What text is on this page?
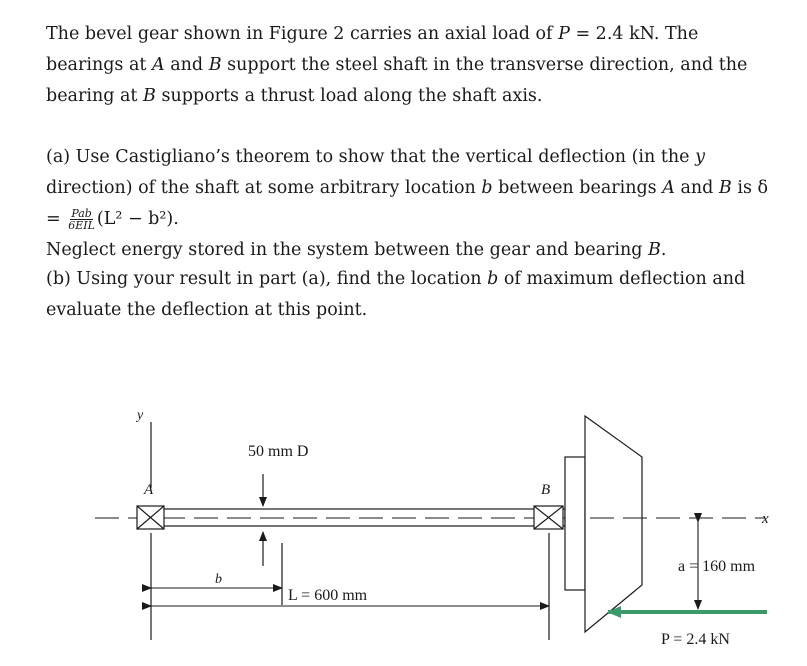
The bevel gear shown in Figure 2 carries an axial load of P = 2.4 kN. The bearings at A and B support the steel shaft in the transverse direction, and the bearing at B supports a thrust load along the shaft axis.

(a) Use Castigliano’s theorem to show that the vertical deflection (in the y direction) of the shaft at some arbitrary location b between bearings A and B is $\delta = \frac{\text{Pab}}{\text{6EIL}} (L^2 - b^2)$.
Neglect energy stored in the system between the gear and bearing B.

(b) Using your result in part (a), find the location b of maximum deflection and evaluate the deflection at this point.

y
x
A	B
50 mm D
b
L = 600 mm
a = 160 mm
P = 2.4 kN
